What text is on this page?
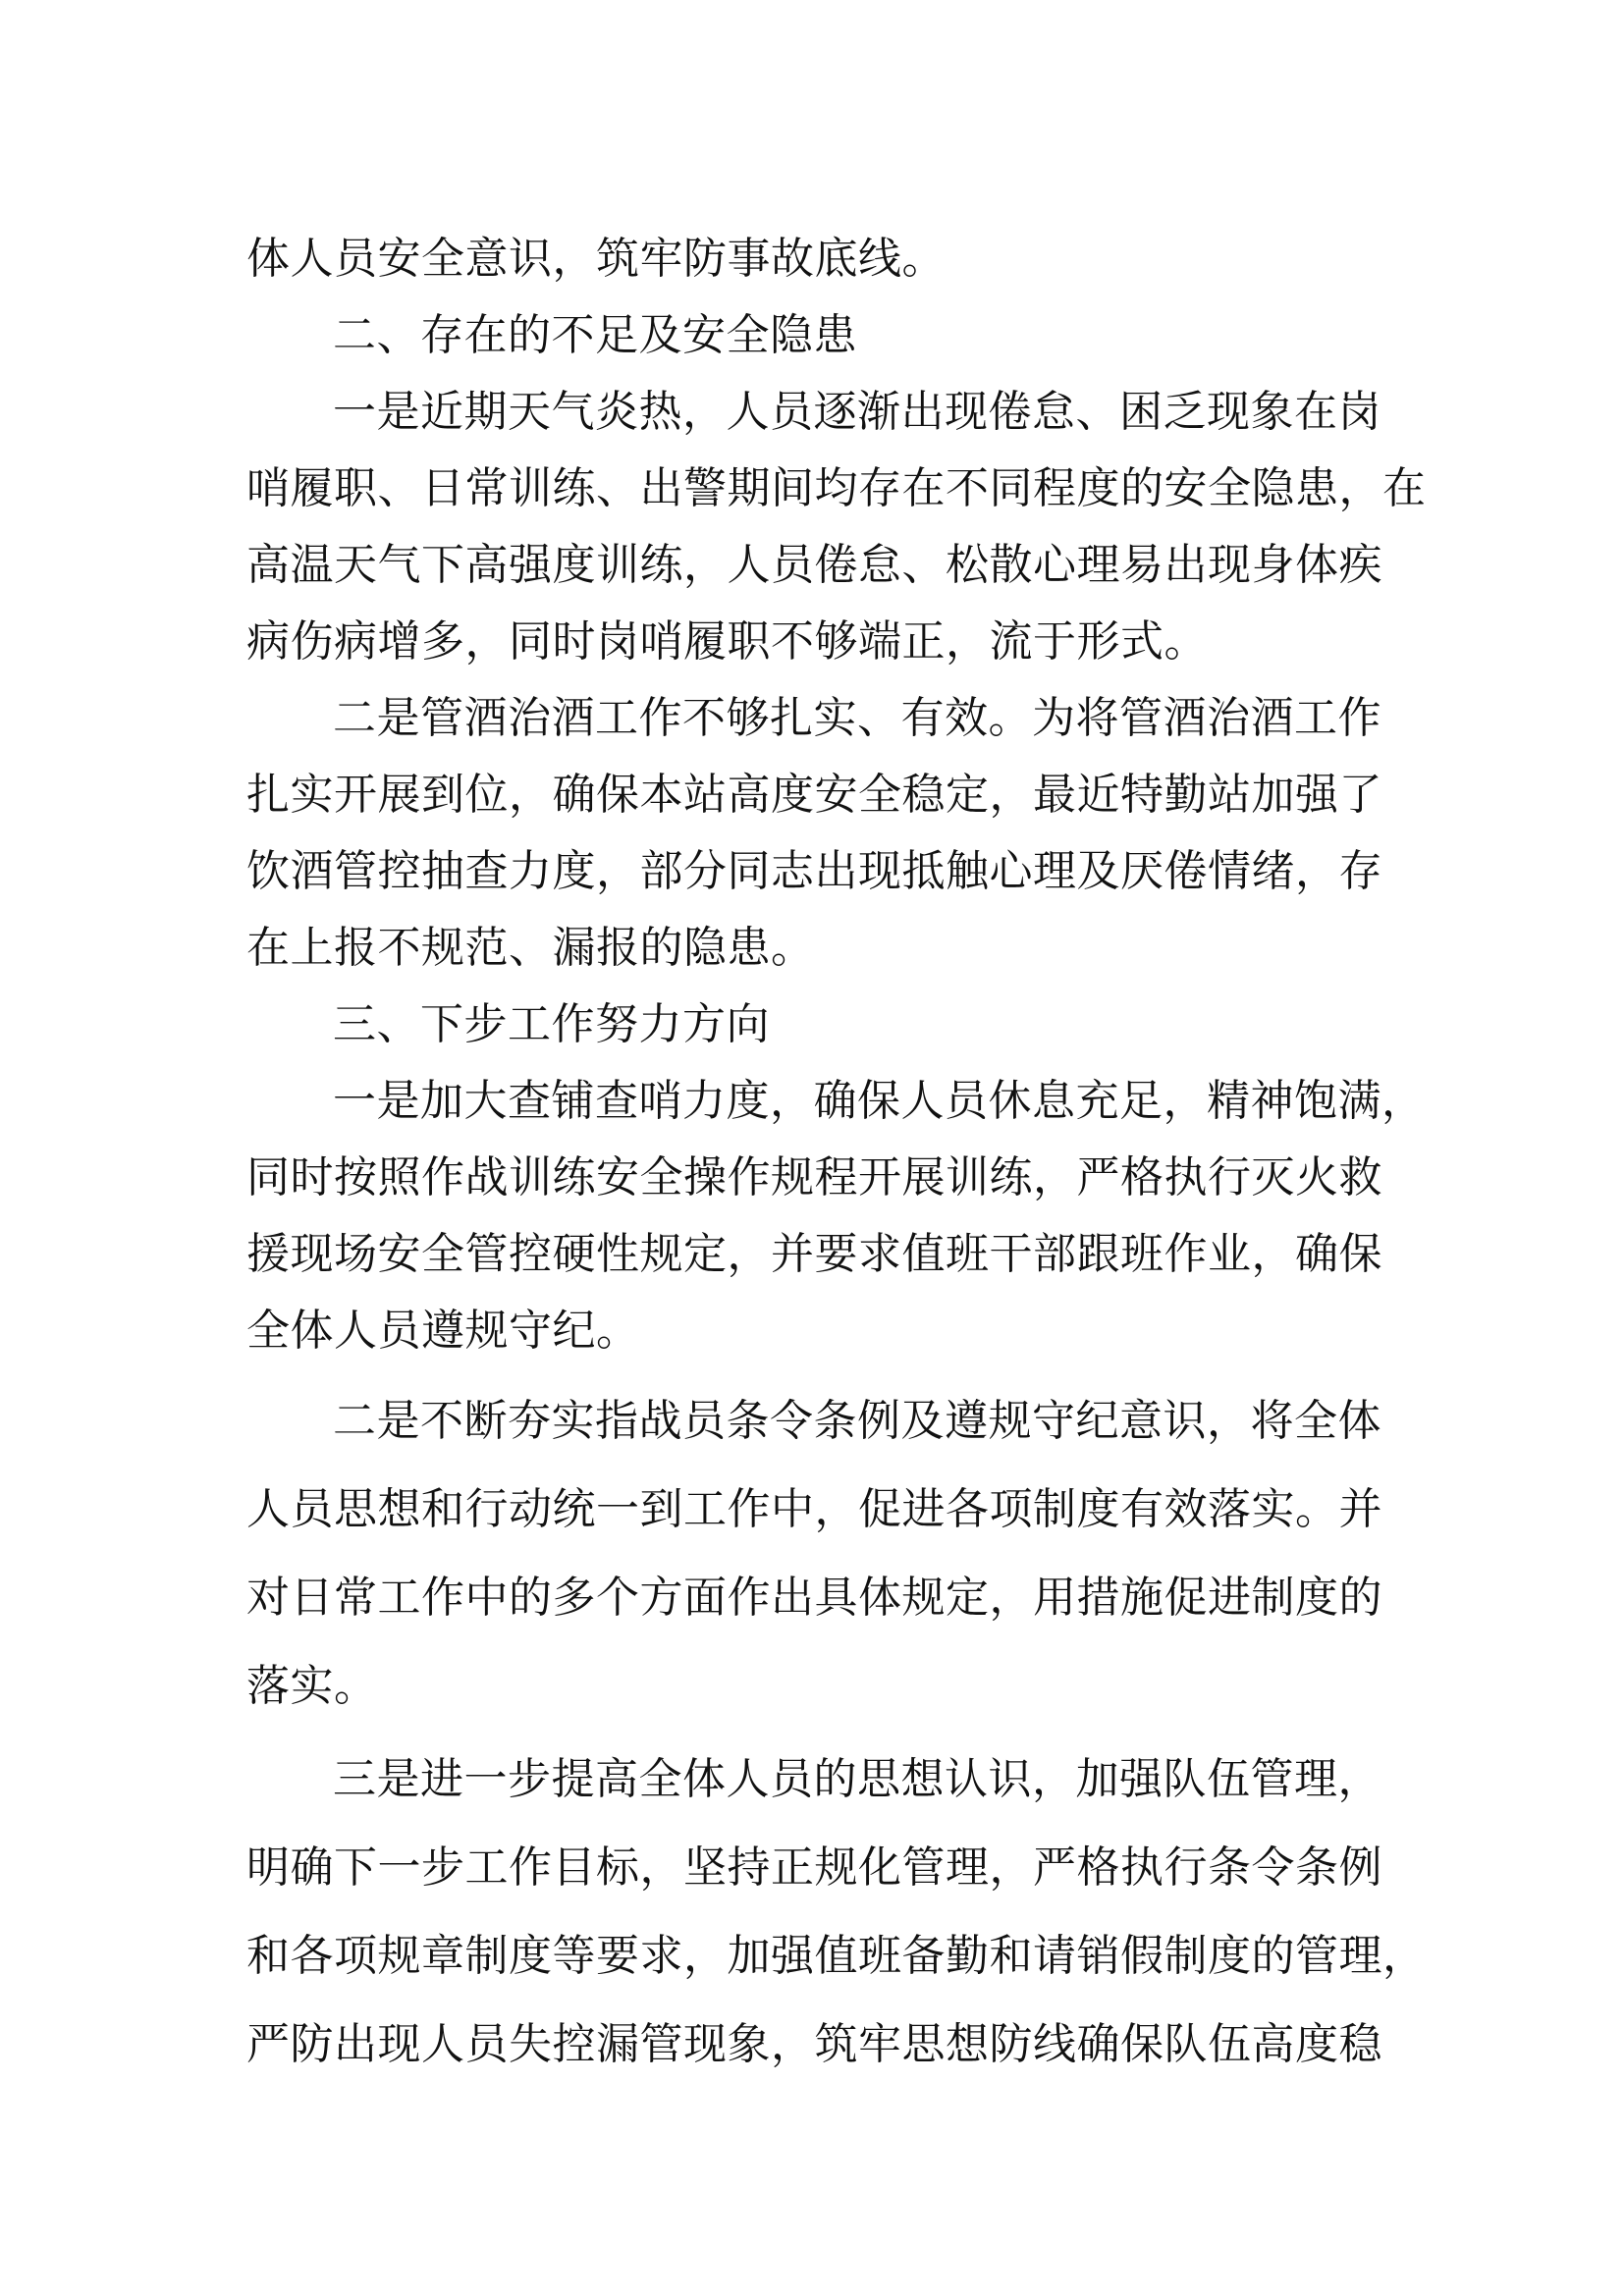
体人员安全意识，筑牢防事故底线。

二、存在的不足及安全隐患

一是近期天气炎热，人员逐渐出现倦怠、困乏现象在岗

哨履职、日常训练、出警期间均存在不同程度的安全隐患，在

高温天气下高强度训练，人员倦怠、松散心理易出现身体疾

病伤病增多，同时岗哨履职不够端正，流于形式。

二是管酒治酒工作不够扎实、有效。为将管酒治酒工作

扎实开展到位，确保本站高度安全稳定，最近特勤站加强了

饮酒管控抽查力度，部分同志出现抵触心理及厌倦情绪，存

在上报不规范、漏报的隐患。

三、下步工作努力方向

一是加大查铺查哨力度，确保人员休息充足，精神饱满，

同时按照作战训练安全操作规程开展训练，严格执行灭火救

援现场安全管控硬性规定，并要求值班干部跟班作业，确保

全体人员遵规守纪。

二是不断夯实指战员条令条例及遵规守纪意识，将全体

人员思想和行动统一到工作中，促进各项制度有效落实。并

对日常工作中的多个方面作出具体规定，用措施促进制度的

落实。

三是进一步提高全体人员的思想认识，加强队伍管理，

明确下一步工作目标，坚持正规化管理，严格执行条令条例

和各项规章制度等要求，加强值班备勤和请销假制度的管理，

严防出现人员失控漏管现象，筑牢思想防线确保队伍高度稳
